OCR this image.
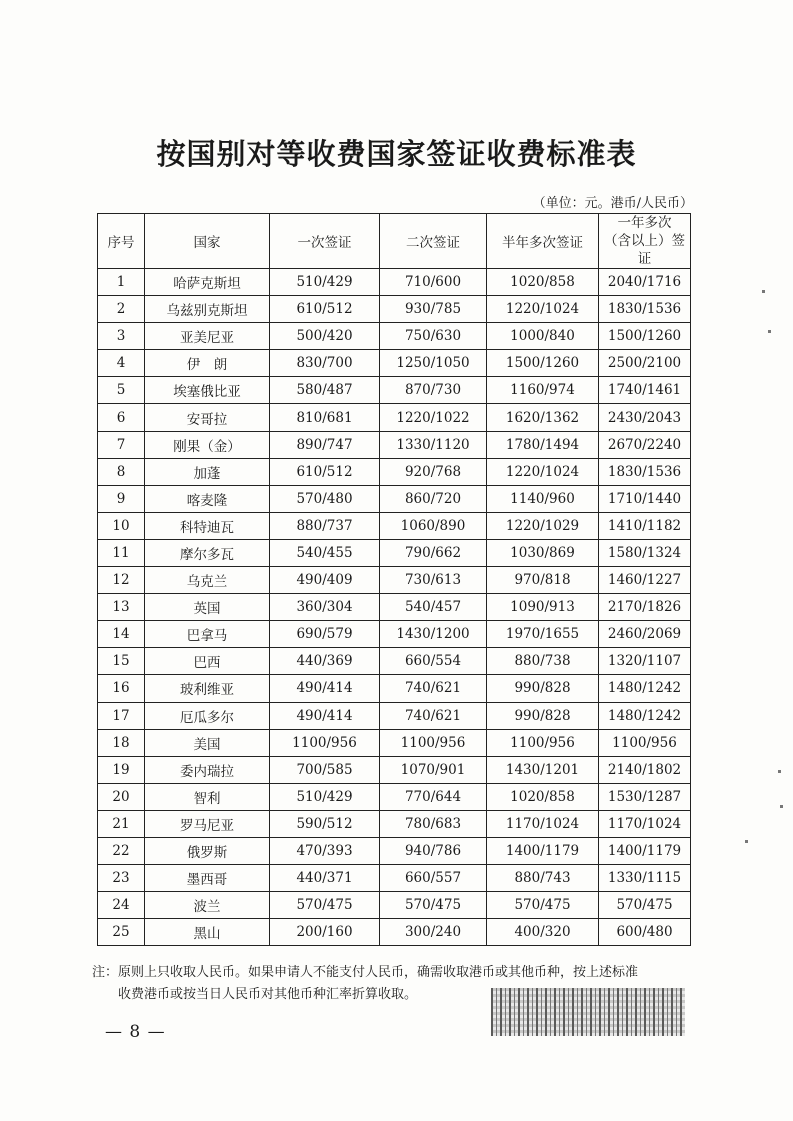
按国别对等收费国家签证收费标准表
（单位：元。港币/人民币）
序号	国家	一次签证	二次签证	半年多次签证	一年多次
（含以上）签证

1	哈萨克斯坦	510/429	710/600	1020/858	2040/1716
2	乌兹别克斯坦	610/512	930/785	1220/1024	1830/1536
3	亚美尼亚	500/420	750/630	1000/840	1500/1260
4	伊　朗	830/700	1250/1050	1500/1260	2500/2100
5	埃塞俄比亚	580/487	870/730	1160/974	1740/1461
6	安哥拉	810/681	1220/1022	1620/1362	2430/2043
7	刚果（金）	890/747	1330/1120	1780/1494	2670/2240
8	加蓬	610/512	920/768	1220/1024	1830/1536
9	喀麦隆	570/480	860/720	1140/960	1710/1440
10	科特迪瓦	880/737	1060/890	1220/1029	1410/1182
11	摩尔多瓦	540/455	790/662	1030/869	1580/1324
12	乌克兰	490/409	730/613	970/818	1460/1227
13	英国	360/304	540/457	1090/913	2170/1826
14	巴拿马	690/579	1430/1200	1970/1655	2460/2069
15	巴西	440/369	660/554	880/738	1320/1107
16	玻利维亚	490/414	740/621	990/828	1480/1242
17	厄瓜多尔	490/414	740/621	990/828	1480/1242
18	美国	1100/956	1100/956	1100/956	1100/956
19	委内瑞拉	700/585	1070/901	1430/1201	2140/1802
20	智利	510/429	770/644	1020/858	1530/1287
21	罗马尼亚	590/512	780/683	1170/1024	1170/1024
22	俄罗斯	470/393	940/786	1400/1179	1400/1179
23	墨西哥	440/371	660/557	880/743	1330/1115
24	波兰	570/475	570/475	570/475	570/475
25	黑山	200/160	300/240	400/320	600/480
注：原则上只收取人民币。如果申请人不能支付人民币，确需收取港币或其他币种，按上述标准
收费港币或按当日人民币对其他币种汇率折算收取。
— 8 —
